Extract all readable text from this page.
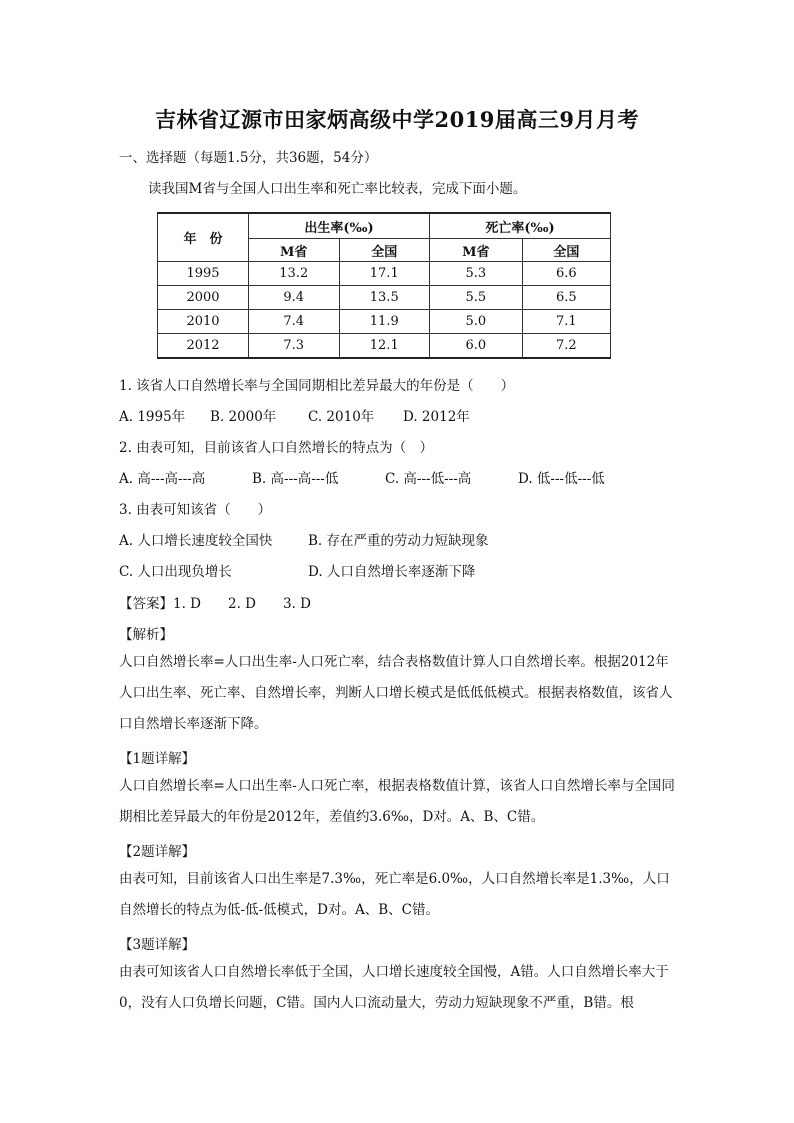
吉林省辽源市田家炳高级中学2019届高三9月月考
一、选择题（每题1.5分，共36题，54分）
读我国M省与全国人口出生率和死亡率比较表，完成下面小题。
年　份	出生率(‰)		死亡率(‰)	
	M省	全国	M省	全国
1995	13.2	17.1	5.3	6.6
2000	9.4	13.5	5.5	6.5
2010	7.4	11.9	5.0	7.1
2012	7.3	12.1	6.0	7.2
1. 该省人口自然增长率与全国同期相比差异最大的年份是（　　）
A. 1995年 B. 2000年 C. 2010年 D. 2012年
2. 由表可知，目前该省人口自然增长的特点为（　）
A. 高---高---高	B. 高---高---低	C. 高---低---高	D. 低---低---低
3. 由表可知该省（　　）
A. 人口增长速度较全国快	B. 存在严重的劳动力短缺现象
C. 人口出现负增长	D. 人口自然增长率逐渐下降
【答案】1. D　　2. D　　3. D
【解析】
人口自然增长率=人口出生率-人口死亡率，结合表格数值计算人口自然增长率。根据2012年人口出生率、死亡率、自然增长率，判断人口增长模式是低低低模式。根据表格数值，该省人口自然增长率逐渐下降。
【1题详解】
人口自然增长率=人口出生率-人口死亡率，根据表格数值计算，该省人口自然增长率与全国同期相比差异最大的年份是2012年，差值约3.6‰，D对。A、B、C错。
【2题详解】
由表可知，目前该省人口出生率是7.3‰，死亡率是6.0‰，人口自然增长率是1.3‰，人口自然增长的特点为低-低-低模式，D对。A、B、C错。
【3题详解】
由表可知该省人口自然增长率低于全国，人口增长速度较全国慢，A错。人口自然增长率大于0，没有人口负增长问题，C错。国内人口流动量大，劳动力短缺现象不严重，B错。根
